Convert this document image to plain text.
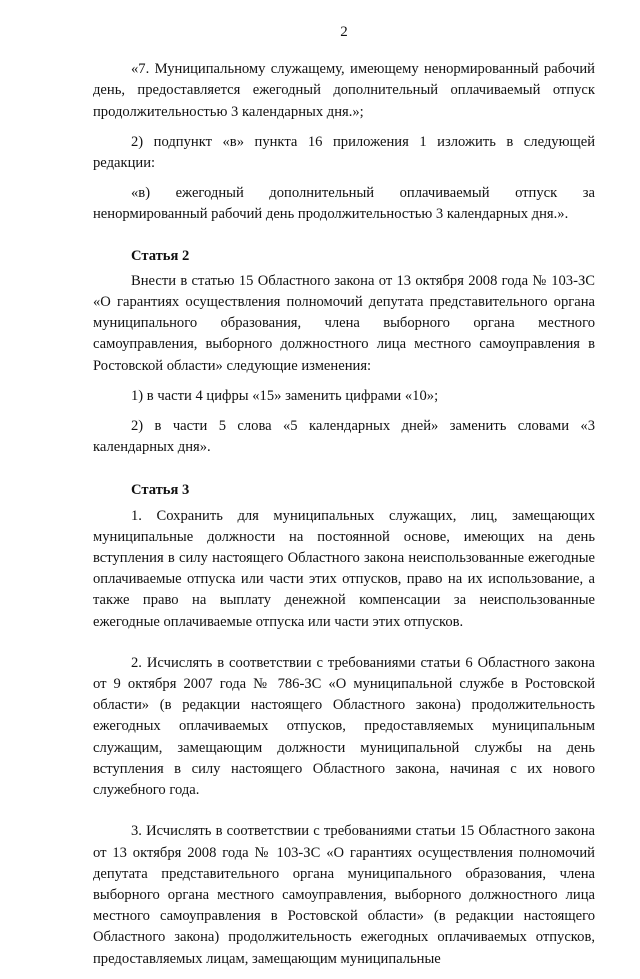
2

«7. Муниципальному служащему, имеющему ненормированный рабочий день, предоставляется ежегодный дополнительный оплачиваемый отпуск продолжительностью 3 календарных дня.»;

2) подпункт «в» пункта 16 приложения 1 изложить в следующей редакции:

«в) ежегодный дополнительный оплачиваемый отпуск за ненормированный рабочий день продолжительностью 3 календарных дня.».

Статья 2

Внести в статью 15 Областного закона от 13 октября 2008 года № 103-ЗС «О гарантиях осуществления полномочий депутата представительного органа муниципального образования, члена выборного органа местного самоуправления, выборного должностного лица местного самоуправления в Ростовской области» следующие изменения:

1) в части 4 цифры «15» заменить цифрами «10»;

2) в части 5 слова «5 календарных дней» заменить словами «3 календарных дня».

Статья 3

1. Сохранить для муниципальных служащих, лиц, замещающих муниципальные должности на постоянной основе, имеющих на день вступления в силу настоящего Областного закона неиспользованные ежегодные оплачиваемые отпуска или части этих отпусков, право на их использование, а также право на выплату денежной компенсации за неиспользованные ежегодные оплачиваемые отпуска или части этих отпусков.

2. Исчислять в соответствии с требованиями статьи 6 Областного закона от 9 октября 2007 года № 786-ЗС «О муниципальной службе в Ростовской области» (в редакции настоящего Областного закона) продолжительность ежегодных оплачиваемых отпусков, предоставляемых муниципальным служащим, замещающим должности муниципальной службы на день вступления в силу настоящего Областного закона, начиная с их нового служебного года.

3. Исчислять в соответствии с требованиями статьи 15 Областного закона от 13 октября 2008 года № 103-ЗС «О гарантиях осуществления полномочий депутата представительного органа муниципального образования, члена выборного органа местного самоуправления, выборного должностного лица местного самоуправления в Ростовской области» (в редакции настоящего Областного закона) продолжительность ежегодных оплачиваемых отпусков, предоставляемых лицам, замещающим муниципальные
